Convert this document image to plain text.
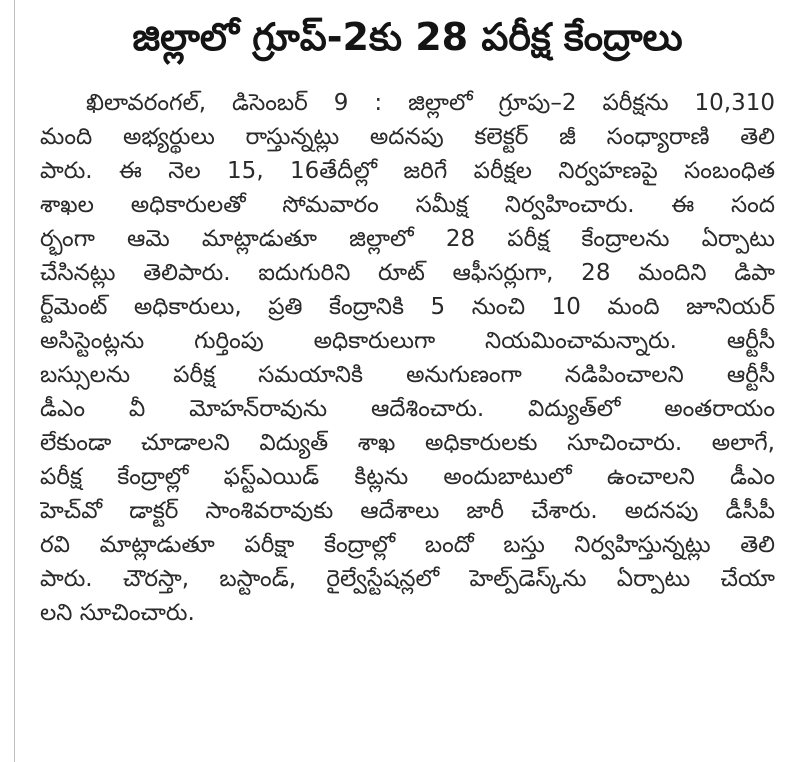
జిల్లాలో గ్రూప్‌-2కు 28 పరీక్ష కేంద్రాలు
ఖిలావరంగల్‌, డిసెంబర్‌ 9 : జిల్లాలో గ్రూపు–2 పరీక్షను 10,310
మంది అభ్యర్థులు రాస్తున్నట్లు అదనపు కలెక్టర్‌ జీ సంధ్యారాణి తెలి
పారు. ఈ నెల 15, 16తేదీల్లో జరిగే పరీక్షల నిర్వహణపై సంబంధిత
శాఖల అధికారులతో సోమవారం సమీక్ష నిర్వహించారు. ఈ సంద
ర్భంగా ఆమె మాట్లాడుతూ జిల్లాలో 28 పరీక్ష కేంద్రాలను ఏర్పాటు
చేసినట్లు తెలిపారు. ఐదుగురిని రూట్‌ ఆఫీసర్లుగా, 28 మందిని డిపా
ర్ట్‌మెంట్‌ అధికారులు, ప్రతి కేంద్రానికి 5 నుంచి 10 మంది జూనియర్‌
అసిస్టెంట్లను గుర్తింపు అధికారులుగా నియమించామన్నారు. ఆర్టీసీ
బస్సులను పరీక్ష సమయానికి అనుగుణంగా నడిపించాలని ఆర్టీసీ
డీఎం వీ మోహన్‌రావును ఆదేశించారు. విద్యుత్‌లో అంతరాయం
లేకుండా చూడాలని విద్యుత్‌ శాఖ అధికారులకు సూచించారు. అలాగే,
పరీక్ష కేంద్రాల్లో ఫస్ట్‌ఎయిడ్‌ కిట్లను అందుబాటులో ఉంచాలని డీఎం
హెచ్‌వో డాక్టర్‌ సాంశివరావుకు ఆదేశాలు జారీ చేశారు. అదనపు డీసీపీ
రవి మాట్లాడుతూ పరీక్షా కేంద్రాల్లో బందో బస్తు నిర్వహిస్తున్నట్లు తెలి
పారు. చౌరస్తా, బస్టాండ్‌, రైల్వేస్టేషన్లలో హెల్ప్‌డెస్క్‌ను ఏర్పాటు చేయా
లని సూచించారు.
